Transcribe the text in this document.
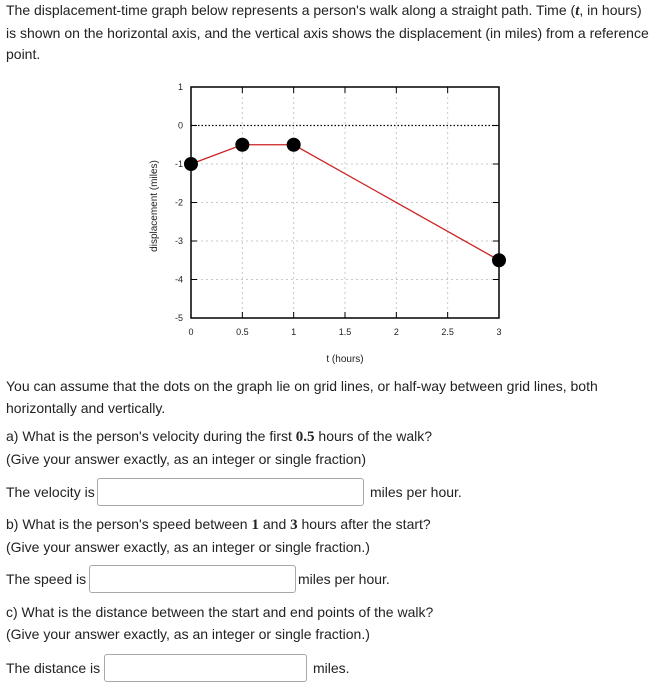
The displacement-time graph below represents a person's walk along a straight path. Time (t, in hours) is shown on the horizontal axis, and the vertical axis shows the displacement (in miles) from a reference point.

0	0.5	1	1.5	2	2.5	3
1
0
-1
-2
-3
-4
-5
displacement (miles)
t (hours)

You can assume that the dots on the graph lie on grid lines, or half-way between grid lines, both horizontally and vertically.

a) What is the person's velocity during the first 0.5 hours of the walk?
(Give your answer exactly, as an integer or single fraction)

The velocity is	miles per hour.

b) What is the person's speed between 1 and 3 hours after the start?
(Give your answer exactly, as an integer or single fraction.)

The speed is	miles per hour.

c) What is the distance between the start and end points of the walk?
(Give your answer exactly, as an integer or single fraction.)

The distance is	miles.
